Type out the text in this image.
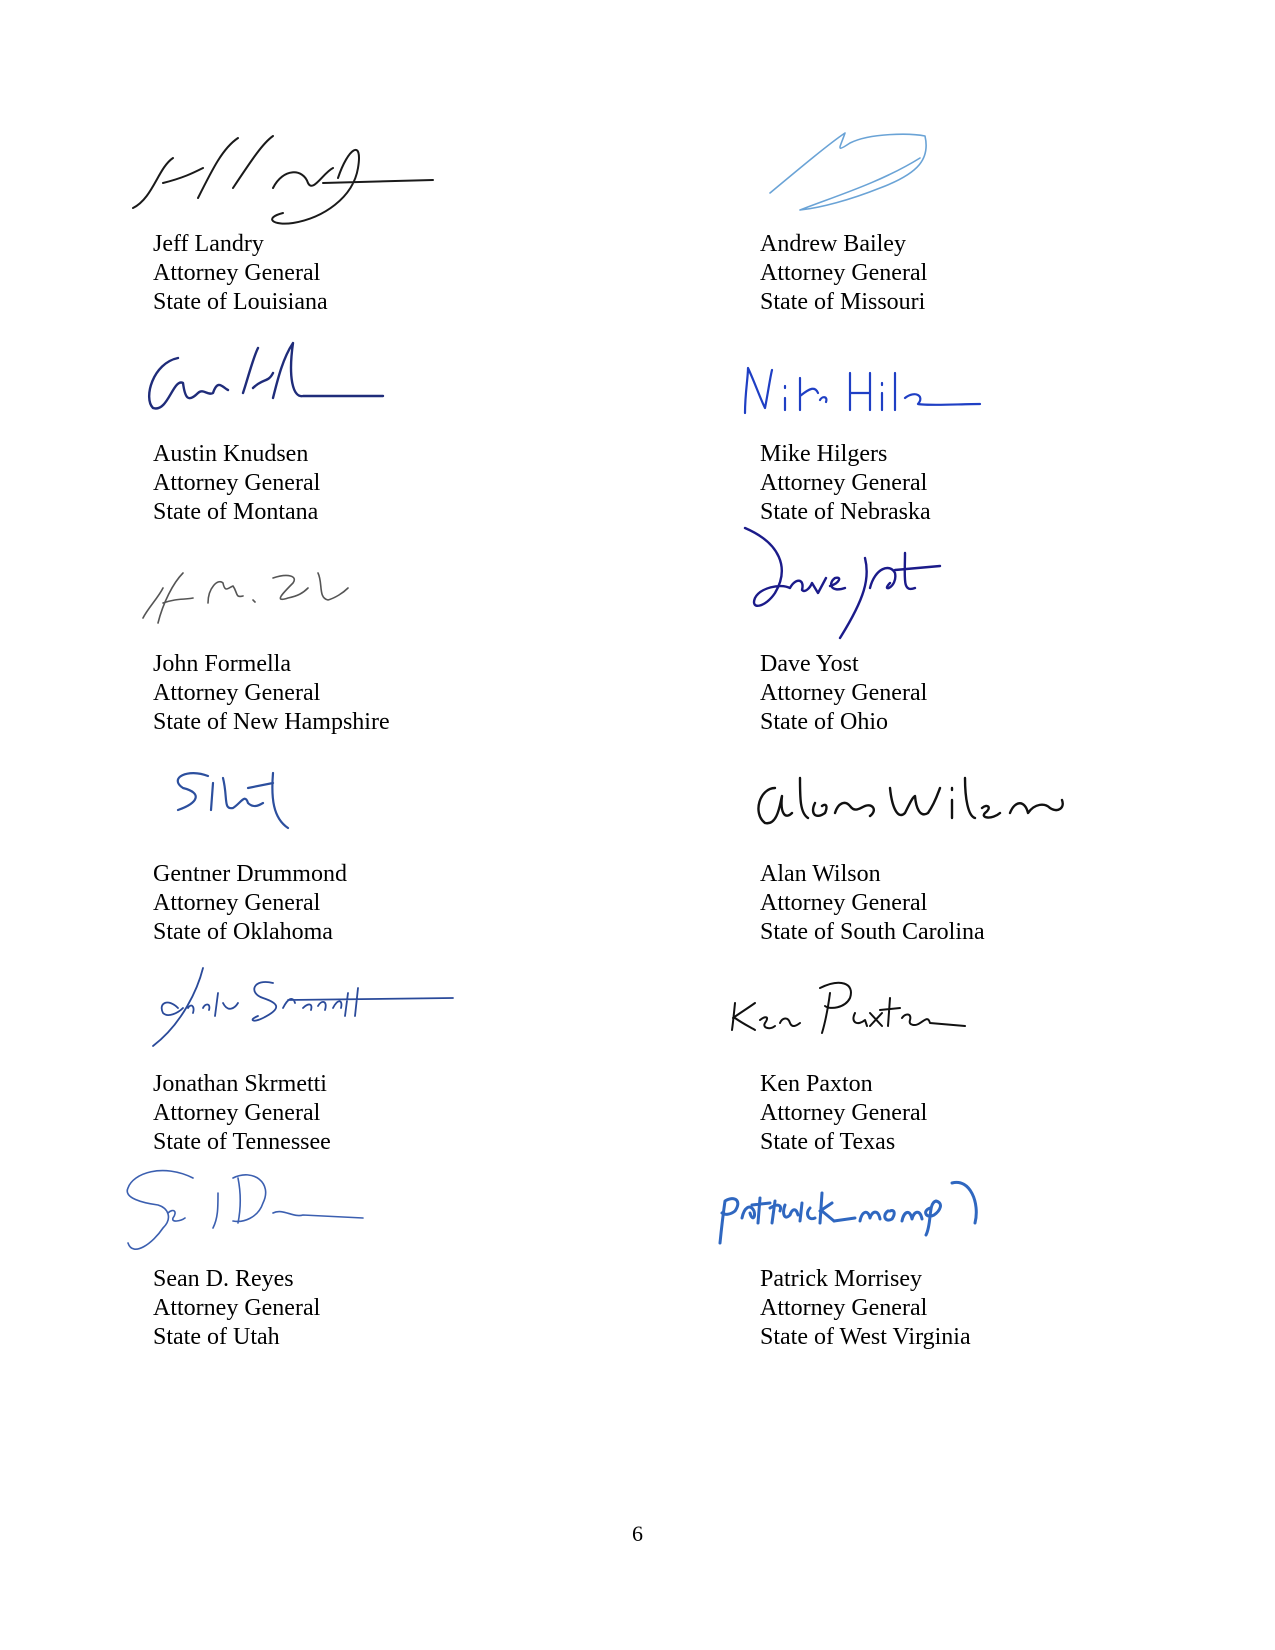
Jeff Landry
Attorney General
State of Louisiana
Andrew Bailey
Attorney General
State of Missouri
Austin Knudsen
Attorney General
State of Montana
Mike Hilgers
Attorney General
State of Nebraska
John Formella
Attorney General
State of New Hampshire
Dave Yost
Attorney General
State of Ohio
Gentner Drummond
Attorney General
State of Oklahoma
Alan Wilson
Attorney General
State of South Carolina
Jonathan Skrmetti
Attorney General
State of Tennessee
Ken Paxton
Attorney General
State of Texas
Sean D. Reyes
Attorney General
State of Utah
Patrick Morrisey
Attorney General
State of West Virginia
6
